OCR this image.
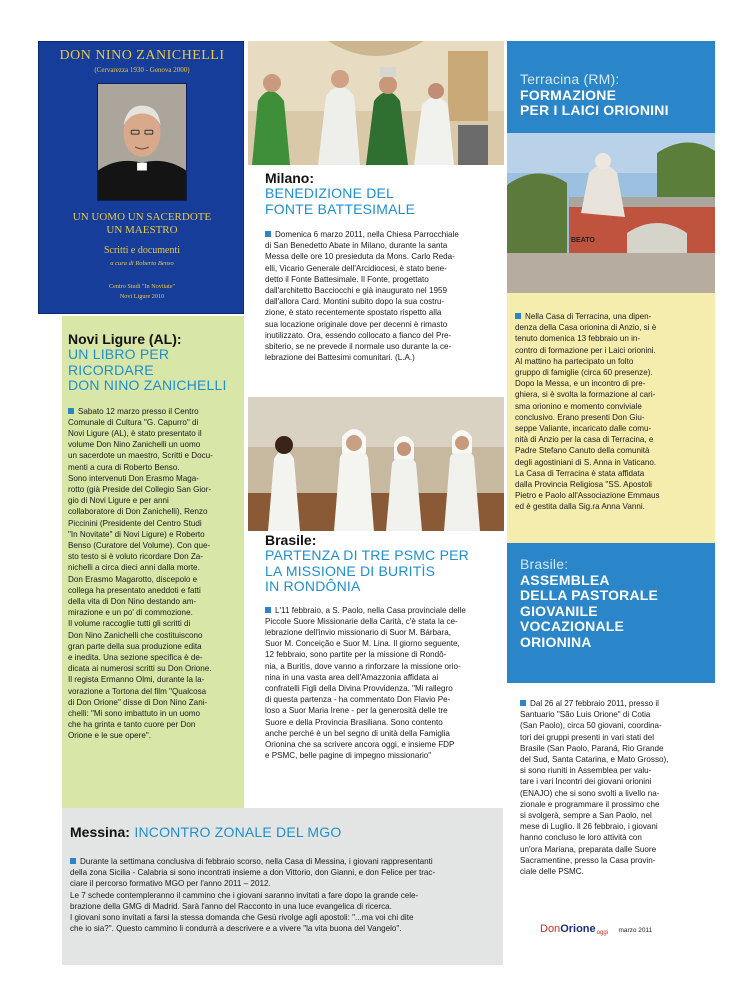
DON NINO ZANICHELLI
(Cervarezza 1930 - Genova 2000)
UN UOMO UN SACERDOTE
UN MAESTRO
Scritti e documenti
a cura di Roberto Benso
Centro Studi "In Novitate"
Novi Ligure 2010

Novi Ligure (AL):

UN LIBRO PER

RICORDARE

DON NINO ZANICHELLI

Sabato 12 marzo presso il Centro

Comunale di Cultura "G. Capurro" di

Novi Ligure (AL), è stato presentato il

volume Don Nino Zanichelli un uomo

un sacerdote un maestro, Scritti e Docu-

menti a cura di Roberto Benso.

Sono intervenuti Don Erasmo Maga-

rotto (già Preside del Collegio San Gior-

gio di Novi Ligure e per anni

collaboratore di Don Zanichelli), Renzo

Piccinini (Presidente del Centro Studi

"In Novitate" di Novi Ligure) e Roberto

Benso (Curatore del Volume). Con que-

sto testo si è voluto ricordare Don Za-

nichelli a circa dieci anni dalla morte.

Don Erasmo Magarotto, discepolo e

collega ha presentato aneddoti e fatti

della vita di Don Nino destando am-

mirazione e un po' di commozione.

Il volume raccoglie tutti gli scritti di

Don Nino Zanichelli che costituiscono

gran parte della sua produzione edita

e inedita. Una sezione specifica è de-

dicata ai numerosi scritti su Don Orione.

Il regista Ermanno Olmi, durante la la-

vorazione a Tortona del film "Qualcosa

di Don Orione" disse di Don Nino Zani-

chelli: "Mi sono imbattuto in un uomo

che ha grinta e tanto cuore per Don

Orione e le sue opere".

Milano:

BENEDIZIONE DEL

FONTE BATTESIMALE

Domenica 6 marzo 2011, nella Chiesa Parrocchiale

di San Benedetto Abate in Milano, durante la santa

Messa delle ore 10 presieduta da Mons. Carlo Reda-

elli, Vicario Generale dell'Arcidiocesi, è stato bene-

detto il Fonte Battesimale. Il Fonte, progettato

dall'architetto Bacciocchi e già inaugurato nel 1959

dall'allora Card. Montini subito dopo la sua costru-

zione, è stato recentemente spostato rispetto alla

sua locazione originale dove per decenni è rimasto

inutilizzato. Ora, essendo collocato a fianco del Pre-

sbiterio, se ne prevede il normale uso durante la ce-

lebrazione dei Battesimi comunitari. (L.A.)

Brasile:

PARTENZA DI TRE PSMC PER

LA MISSIONE DI BURITÌS

IN RONDÔNIA

L'11 febbraio, a S. Paolo, nella Casa provinciale delle

Piccole Suore Missionarie della Carità, c'è stata la ce-

lebrazione dell'invio missionario di Suor M. Bárbara,

Suor M. Conceição e Suor M. Lina. Il giorno seguente,

12 febbraio, sono partite per la missione di Rondô-

nia, a Buritìs, dove vanno a rinforzare la missione orio-

nina in una vasta area dell'Amazzonia affidata ai

confratelli Figli della Divina Provvidenza. "Mi rallegro

di questa partenza - ha commentato Don Flavio Pe-

loso a Suor Maria Irene - per la generosità delle tre

Suore e della Provincia Brasiliana. Sono contento

anche perché è un bel segno di unità della Famiglia

Orionina che sa scrivere ancora oggi, e insieme FDP

e PSMC, belle pagine di impegno missionario"

Terracina (RM):

FORMAZIONE

PER I LAICI ORIONINI

BEATO

Nella Casa di Terracina, una dipen-

denza della Casa orionina di Anzio, si è

tenuto domenica 13 febbraio un in-

contro di formazione per i Laici orionini.

Al mattino ha partecipato un folto

gruppo di famiglie (circa 60 presenze).

Dopo la Messa, e un incontro di pre-

ghiera, si è svolta la formazione al cari-

sma orionino e momento conviviale

conclusivo. Erano presenti Don Giu-

seppe Valiante, incaricato dalle comu-

nità di Anzio per la casa di Terracina, e

Padre Stefano Canuto della comunità

degli agostiniani di S. Anna in Vaticano.

La Casa di Terracina è stata affidata

dalla Provincia Religiosa "SS. Apostoli

Pietro e Paolo all'Associazione Emmaus

ed è gestita dalla Sig.ra Anna Vanni.

Brasile:

ASSEMBLEA

DELLA PASTORALE

GIOVANILE

VOCAZIONALE

ORIONINA

Dal 26 al 27 febbraio 2011, presso il

Santuario "São Luis Orione" di Cotia

(San Paolo), circa 50 giovani, coordina-

tori dei gruppi presenti in vari stati del

Brasile (San Paolo, Paraná, Rio Grande

del Sud, Santa Catarina, e Mato Grosso),

si sono riuniti in Assemblea per valu-

tare i vari Incontri dei giovani orionini

(ENAJO) che si sono svolti a livello na-

zionale e programmare il prossimo che

si svolgerà, sempre a San Paolo, nel

mese di Luglio. Il 26 febbraio, i giovani

hanno concluso le loro attività con

un'ora Mariana, preparata dalle Suore

Sacramentine, presso la Casa provin-

ciale delle PSMC.

Messina: INCONTRO ZONALE DEL MGO

Durante la settimana conclusiva di febbraio scorso, nella Casa di Messina, i giovani rappresentanti

della zona Sicilia - Calabria si sono incontrati insieme a don Vittorio, don Gianni, e don Felice per trac-

ciare il percorso formativo MGO per l'anno 2011 – 2012.

Le 7 schede contempleranno il cammino che i giovani saranno invitati a fare dopo la grande cele-

brazione della GMG di Madrid. Sarà l'anno del Racconto in una luce evangelica di ricerca.

I giovani sono invitati a farsi la stessa domanda che Gesù rivolge agli apostoli: "...ma voi chi dite

che io sia?". Questo cammino li condurrà a descrivere e a vivere "la vita buona del Vangelo".	DonOrioneoggi marzo 2011
